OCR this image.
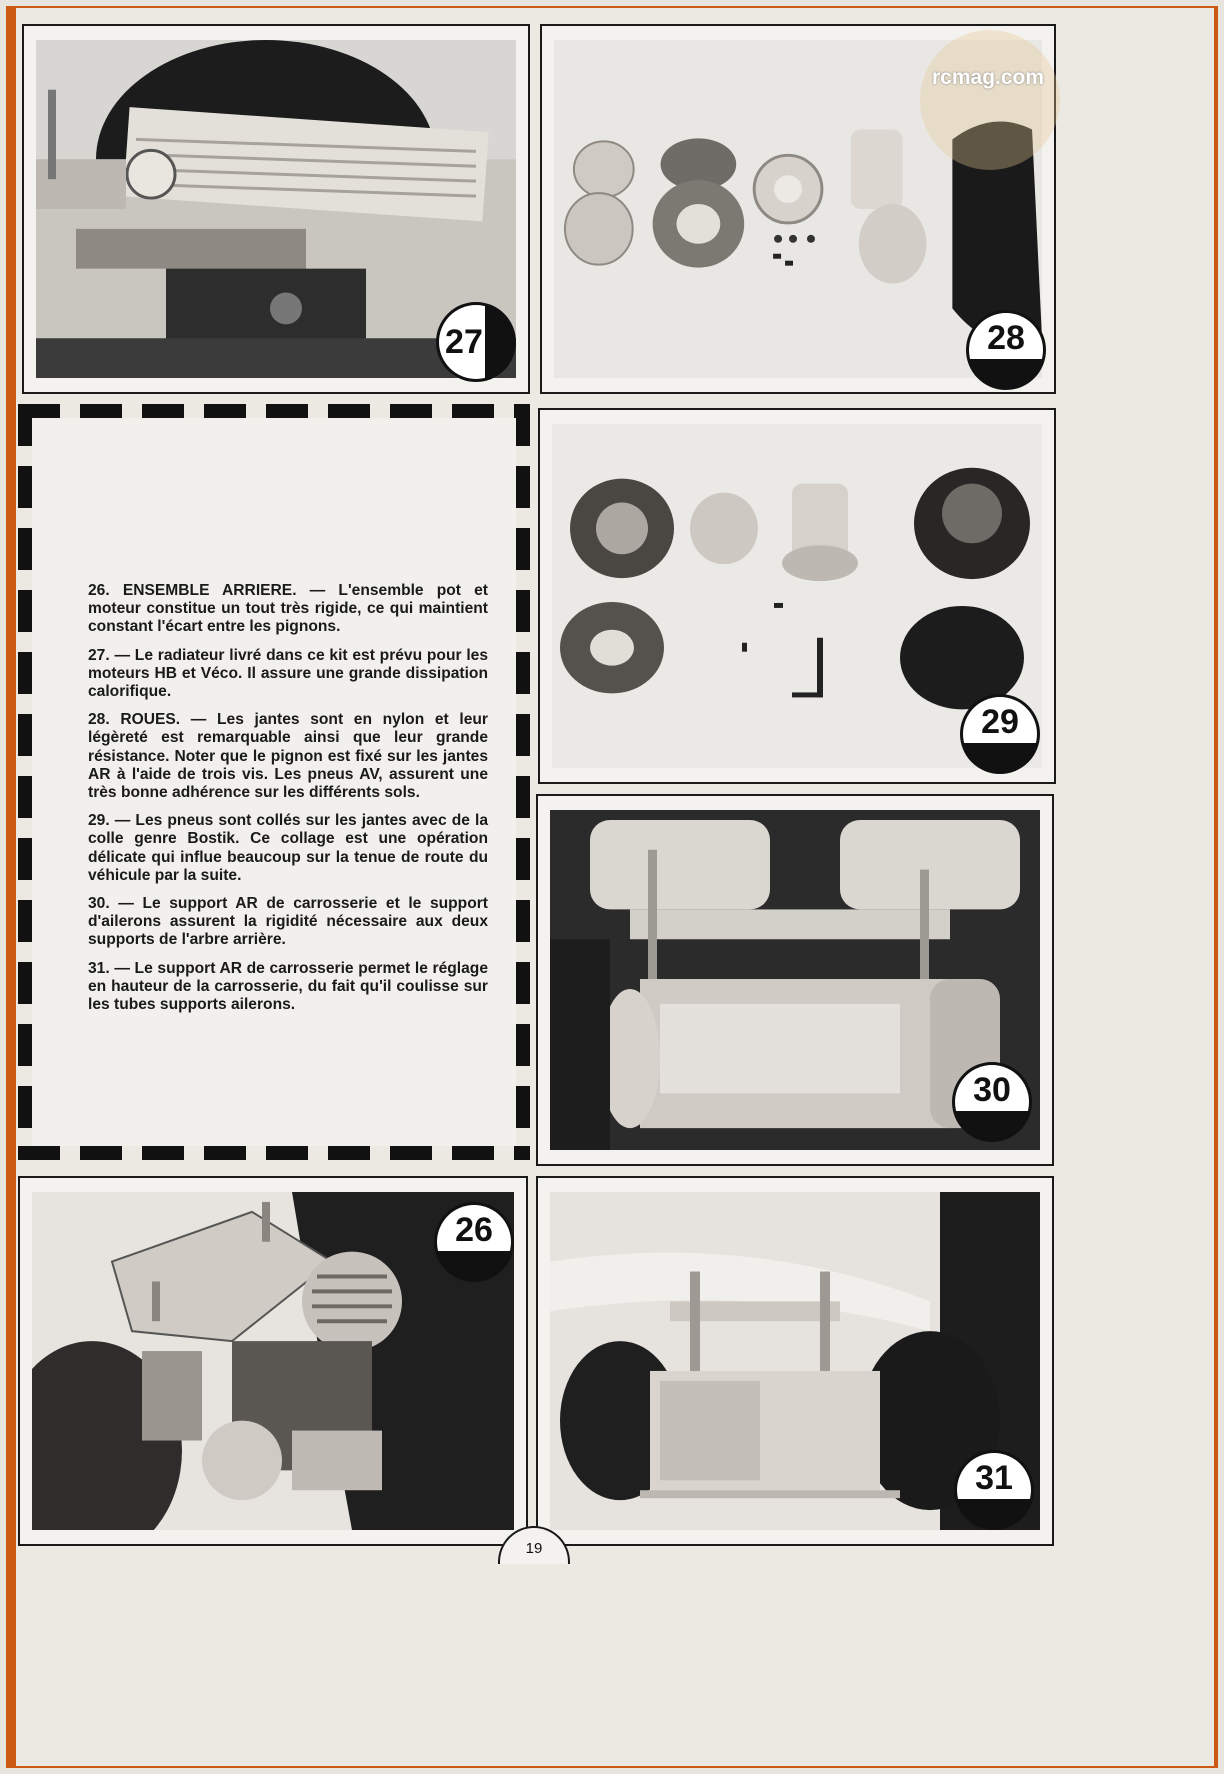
27	28

26. ENSEMBLE ARRIERE. — L'ensemble pot et moteur constitue un tout très rigide, ce qui maintient constant l'écart entre les pignons.

27. — Le radiateur livré dans ce kit est prévu pour les moteurs HB et Véco. Il assure une grande dissipation calorifique.

28. ROUES. — Les jantes sont en nylon et leur légèreté est remarquable ainsi que leur grande résistance. Noter que le pignon est fixé sur les jantes AR à l'aide de trois vis. Les pneus AV, assurent une très bonne adhérence sur les différents sols.

29. — Les pneus sont collés sur les jantes avec de la colle genre Bostik. Ce collage est une opération délicate qui influe beaucoup sur la tenue de route du véhicule par la suite.

30. — Le support AR de carrosserie et le support d'ailerons assurent la rigidité nécessaire aux deux supports de l'arbre arrière.

31. — Le support AR de carrosserie permet le réglage en hauteur de la carrosserie, du fait qu'il coulisse sur les tubes supports ailerons.

29
30
26
31
19
rcmag.com
